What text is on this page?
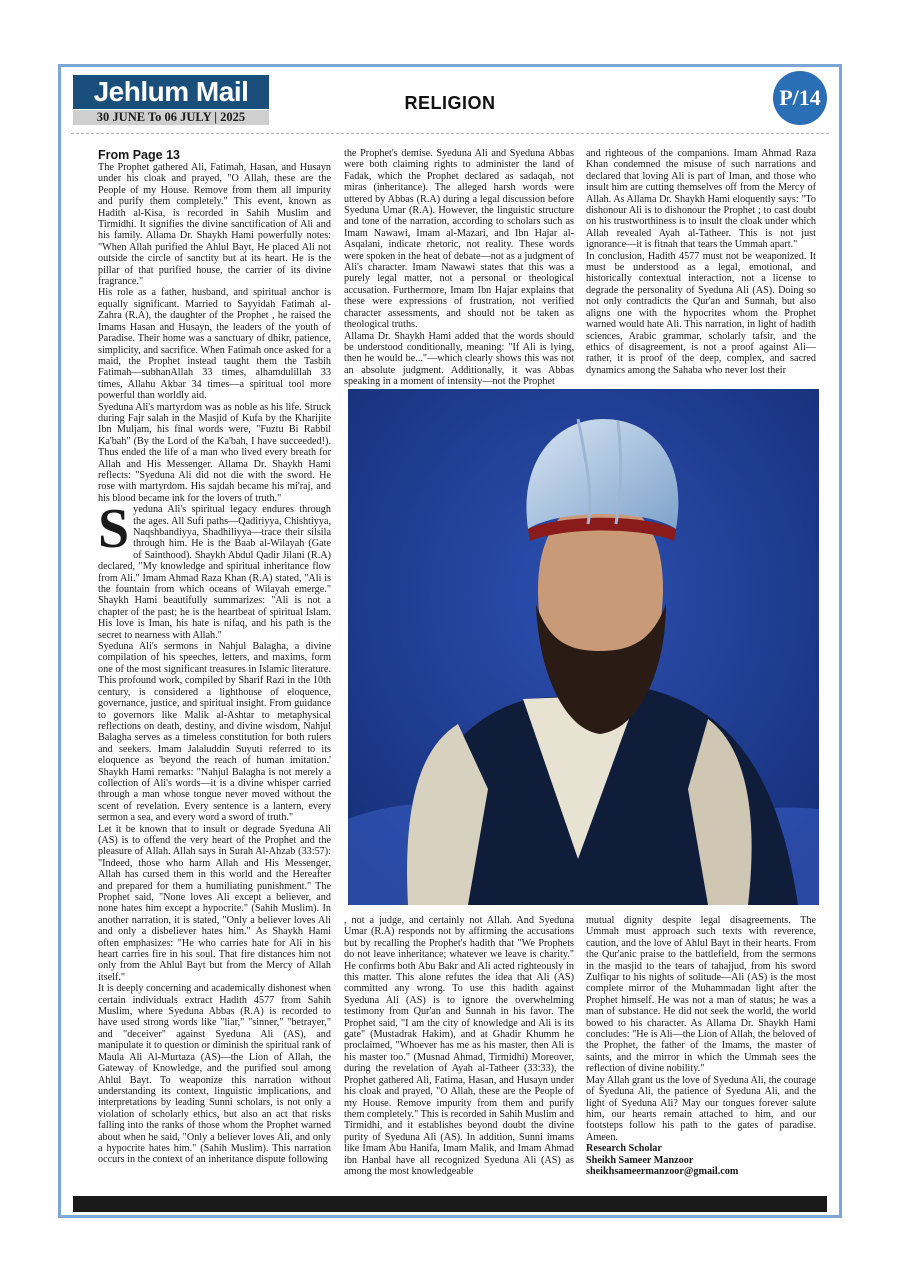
Jehlum Mail
30 JUNE To 06 JULY | 2025
RELIGION	P/14

From Page 13

The Prophet gathered Ali, Fatimah, Hasan, and Husayn under his cloak and prayed, "O Allah, these are the People of my House. Remove from them all impurity and purify them completely." This event, known as Hadith al-Kisa, is recorded in Sahih Muslim and Tirmidhi. It signifies the divine sanctification of Ali and his family. Allama Dr. Shaykh Hami powerfully notes: "When Allah purified the Ahlul Bayt, He placed Ali not outside the circle of sanctity but at its heart. He is the pillar of that purified house, the carrier of its divine fragrance."

His role as a father, husband, and spiritual anchor is equally significant. Married to Sayyidah Fatimah al-Zahra (R.A), the daughter of the Prophet , he raised the Imams Hasan and Husayn, the leaders of the youth of Paradise. Their home was a sanctuary of dhikr, patience, simplicity, and sacrifice. When Fatimah once asked for a maid, the Prophet instead taught them the Tasbih Fatimah—subhanAllah 33 times, alhamdulillah 33 times, Allahu Akbar 34 times—a spiritual tool more powerful than worldly aid.

Syeduna Ali's martyrdom was as noble as his life. Struck during Fajr salah in the Masjid of Kufa by the Kharijite Ibn Muljam, his final words were, "Fuztu Bi Rabbil Ka'bah" (By the Lord of the Ka'bah, I have succeeded!). Thus ended the life of a man who lived every breath for Allah and His Messenger. Allama Dr. Shaykh Hami reflects: "Syeduna Ali did not die with the sword. He rose with martyrdom. His sajdah became his mi'raj, and his blood became ink for the lovers of truth."

Syeduna Ali's spiritual legacy endures through the ages. All Sufi paths—Qadiriyya, Chishtiyya, Naqshbandiyya, Shadhiliyya—trace their silsila through him. He is the Baab al-Wilayah (Gate of Sainthood). Shaykh Abdul Qadir Jilani (R.A) declared, "My knowledge and spiritual inheritance flow from Ali." Imam Ahmad Raza Khan (R.A) stated, "Ali is the fountain from which oceans of Wilayah emerge." Shaykh Hami beautifully summarizes: "Ali is not a chapter of the past; he is the heartbeat of spiritual Islam. His love is Iman, his hate is nifaq, and his path is the secret to nearness with Allah."

Syeduna Ali's sermons in Nahjul Balagha, a divine compilation of his speeches, letters, and maxims, form one of the most significant treasures in Islamic literature. This profound work, compiled by Sharif Razi in the 10th century, is considered a lighthouse of eloquence, governance, justice, and spiritual insight. From guidance to governors like Malik al-Ashtar to metaphysical reflections on death, destiny, and divine wisdom, Nahjul Balagha serves as a timeless constitution for both rulers and seekers. Imam Jalaluddin Suyuti referred to its eloquence as 'beyond the reach of human imitation.' Shaykh Hami remarks: "Nahjul Balagha is not merely a collection of Ali's words—it is a divine whisper carried through a man whose tongue never moved without the scent of revelation. Every sentence is a lantern, every sermon a sea, and every word a sword of truth."

Let it be known that to insult or degrade Syeduna Ali (AS) is to offend the very heart of the Prophet and the pleasure of Allah. Allah says in Surah Al-Ahzab (33:57): "Indeed, those who harm Allah and His Messenger, Allah has cursed them in this world and the Hereafter and prepared for them a humiliating punishment." The Prophet said, "None loves Ali except a believer, and none hates him except a hypocrite." (Sahih Muslim). In another narration, it is stated, "Only a believer loves Ali and only a disbeliever hates him." As Shaykh Hami often emphasizes: "He who carries hate for Ali in his heart carries fire in his soul. That fire distances him not only from the Ahlul Bayt but from the Mercy of Allah itself."

It is deeply concerning and academically dishonest when certain individuals extract Hadith 4577 from Sahih Muslim, where Syeduna Abbas (R.A) is recorded to have used strong words like "liar," "sinner," "betrayer," and "deceiver" against Syeduna Ali (AS), and manipulate it to question or diminish the spiritual rank of Maula Ali Al-Murtaza (AS)—the Lion of Allah, the Gateway of Knowledge, and the purified soul among Ahlul Bayt. To weaponize this narration without understanding its context, linguistic implications, and interpretations by leading Sunni scholars, is not only a violation of scholarly ethics, but also an act that risks falling into the ranks of those whom the Prophet warned about when he said, "Only a believer loves Ali, and only a hypocrite hates him." (Sahih Muslim). This narration occurs in the context of an inheritance dispute following

the Prophet's demise. Syeduna Ali and Syeduna Abbas were both claiming rights to administer the land of Fadak, which the Prophet declared as sadaqah, not miras (inheritance). The alleged harsh words were uttered by Abbas (R.A) during a legal discussion before Syeduna Umar (R.A). However, the linguistic structure and tone of the narration, according to scholars such as Imam Nawawi, Imam al-Mazari, and Ibn Hajar al-Asqalani, indicate rhetoric, not reality. These words were spoken in the heat of debate—not as a judgment of Ali's character. Imam Nawawi states that this was a purely legal matter, not a personal or theological accusation. Furthermore, Imam Ibn Hajar explains that these were expressions of frustration, not verified character assessments, and should not be taken as theological truths.

Allama Dr. Shaykh Hami added that the words should be understood conditionally, meaning: "If Ali is lying, then he would be..."—which clearly shows this was not an absolute judgment. Additionally, it was Abbas speaking in a moment of intensity—not the Prophet

and righteous of the companions. Imam Ahmad Raza Khan condemned the misuse of such narrations and declared that loving Ali is part of Iman, and those who insult him are cutting themselves off from the Mercy of Allah. As Allama Dr. Shaykh Hami eloquently says: "To dishonour Ali is to dishonour the Prophet ; to cast doubt on his trustworthiness is to insult the cloak under which Allah revealed Ayah al-Tatheer. This is not just ignorance—it is fitnah that tears the Ummah apart."

In conclusion, Hadith 4577 must not be weaponized. It must be understood as a legal, emotional, and historically contextual interaction, not a license to degrade the personality of Syeduna Ali (AS). Doing so not only contradicts the Qur'an and Sunnah, but also aligns one with the hypocrites whom the Prophet warned would hate Ali. This narration, in light of hadith sciences, Arabic grammar, scholarly tafsir, and the ethics of disagreement, is not a proof against Ali—rather, it is proof of the deep, complex, and sacred dynamics among the Sahaba who never lost their

, not a judge, and certainly not Allah. And Syeduna Umar (R.A) responds not by affirming the accusations but by recalling the Prophet's hadith that "We Prophets do not leave inheritance; whatever we leave is charity." He confirms both Abu Bakr and Ali acted righteously in this matter. This alone refutes the idea that Ali (AS) committed any wrong. To use this hadith against Syeduna Ali (AS) is to ignore the overwhelming testimony from Qur'an and Sunnah in his favor. The Prophet said, "I am the city of knowledge and Ali is its gate" (Mustadrak Hakim), and at Ghadir Khumm he proclaimed, "Whoever has me as his master, then Ali is his master too." (Musnad Ahmad, Tirmidhi) Moreover, during the revelation of Ayah al-Tatheer (33:33), the Prophet gathered Ali, Fatima, Hasan, and Husayn under his cloak and prayed, "O Allah, these are the People of my House. Remove impurity from them and purify them completely." This is recorded in Sahih Muslim and Tirmidhi, and it establishes beyond doubt the divine purity of Syeduna Ali (AS). In addition, Sunni imams like Imam Abu Hanifa, Imam Malik, and Imam Ahmad ibn Hanbal have all recognized Syeduna Ali (AS) as among the most knowledgeable

mutual dignity despite legal disagreements. The Ummah must approach such texts with reverence, caution, and the love of Ahlul Bayt in their hearts. From the Qur'anic praise to the battlefield, from the sermons in the masjid to the tears of tahajjud, from his sword Zulfiqar to his nights of solitude—Ali (AS) is the most complete mirror of the Muhammadan light after the Prophet himself. He was not a man of status; he was a man of substance. He did not seek the world, the world bowed to his character. As Allama Dr. Shaykh Hami concludes: "He is Ali—the Lion of Allah, the beloved of the Prophet, the father of the Imams, the master of saints, and the mirror in which the Ummah sees the reflection of divine nobility."

May Allah grant us the love of Syeduna Ali, the courage of Syeduna Ali, the patience of Syeduna Ali, and the light of Syeduna Ali? May our tongues forever salute him, our hearts remain attached to him, and our footsteps follow his path to the gates of paradise. Ameen.

Research Scholar

Sheikh Sameer Manzoor

sheikhsameermanzoor@gmail.com
